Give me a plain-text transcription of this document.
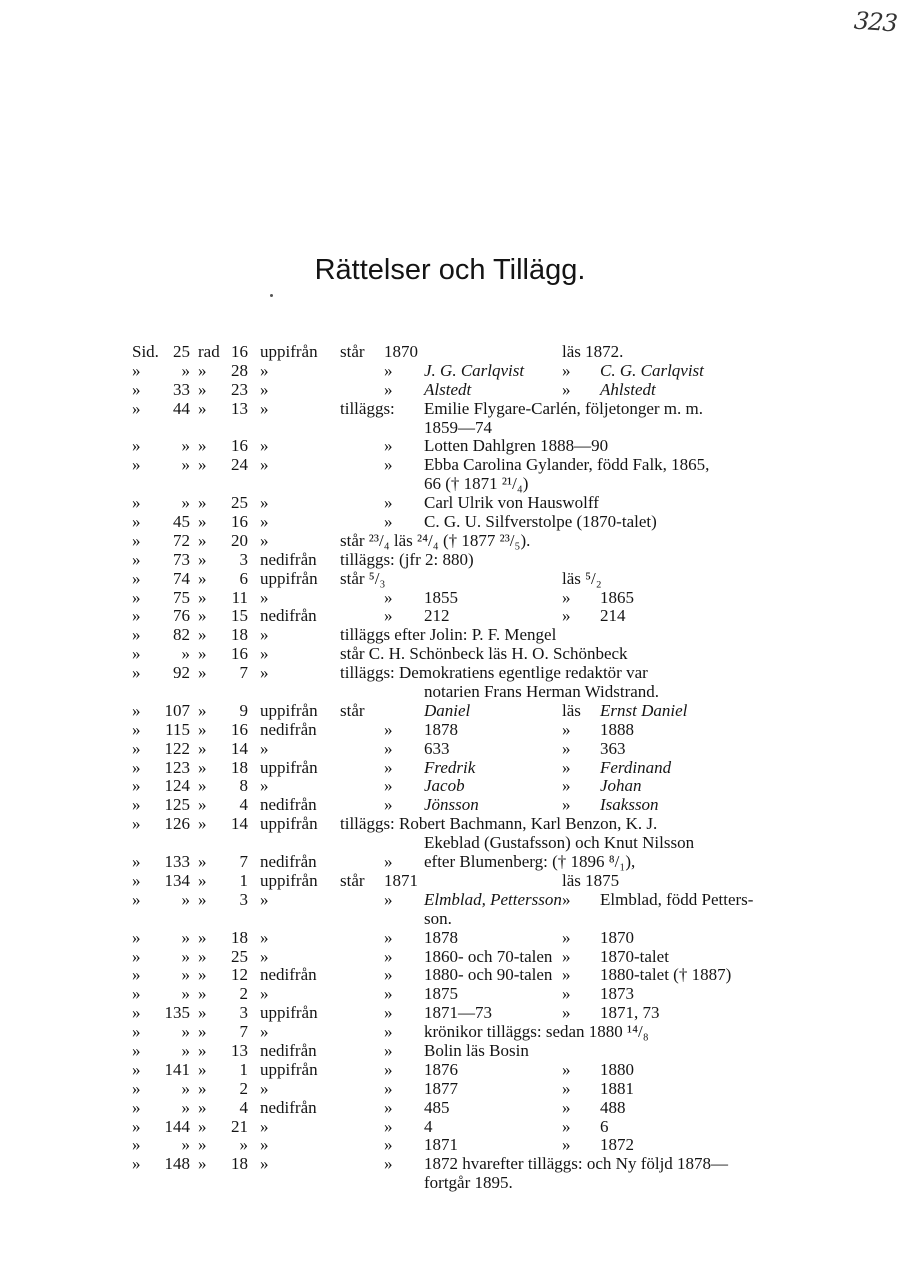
323
Rättelser och Tillägg.
Sid. 25 rad 16 uppifrån står 1870	läs 1872.
»	» » 28 »	» J. G. Carlqvist » C. G. Carlqvist
»	33 » 23 »	» Alstedt	» Ahlstedt
»	44 » 13 »	tilläggs: Emilie Flygare-Carlén, följetonger m. m.
1859—74
»	» » 16 »	» Lotten Dahlgren 1888—90
»	» » 24 »	» Ebba Carolina Gylander, född Falk, 1865,
66 († 1871 ²¹/₄)
»	» » 25 »	» Carl Ulrik von Hauswolff
»	45 » 16 »	» C. G. U. Silfverstolpe (1870-talet)
»	72 » 20 »	står ²³/₄ läs ²⁴/₄ († 1877 ²³/₅).
»	73 »	3 nedifrån tilläggs: (jfr 2: 880)
»	74 »	6 uppifrån står ⁵/₃	läs ⁵/₂
»	75 »	11 »	» 1855	» 1865
»	76 » 15 nedifrån	» 212	» 214
»	82 » 18 »	tilläggs efter Jolin: P. F. Mengel
»	» » 16 »	står C. H. Schönbeck läs H. O. Schönbeck
»	92 »	7 »	tilläggs: Demokratiens egentlige redaktör var
notarien Frans Herman Widstrand.
»	107 »	9 uppifrån står	Daniel	läs Ernst Daniel
»	115 » 16 nedifrån	» 1878	» 1888
»	122 » 14 »	» 633	» 363
»	123 » 18 uppifrån	» Fredrik	» Ferdinand
»	124 »	8 »	» Jacob	» Johan
»	125 »	4 nedifrån	» Jönsson	» Isaksson
»	126 » 14 uppifrån tilläggs: Robert Bachmann, Karl Benzon, K. J.
Ekeblad (Gustafsson) och Knut Nilsson
»	133 »	7 nedifrån	» efter Blumenberg: († 1896 ⁸/₁),
»	134 »	1 uppifrån står 1871	läs 1875
»	» »	3 »	» Elmblad, Pettersson » Elmblad, född Petters-
son.
»	» » 18 »	» 1878	» 1870
»	» » 25 »	» 1860- och 70-talen » 1870-talet
»	» » 12 nedifrån	» 1880- och 90-talen » 1880-talet († 1887)
»	» »	2 »	» 1875	» 1873
»	135 »	3 uppifrån	» 1871—73	» 1871, 73
»	» »	7 »	» krönikor tilläggs: sedan 1880 ¹⁴/₈
»	» » 13 nedifrån	» Bolin läs Bosin
»	141 »	1 uppifrån	» 1876	» 1880
»	» »	2 »	» 1877	» 1881
»	» »	4 nedifrån	» 485	» 488
»	144 » 21 »	» 4	» 6
»	» »	» »	» 1871	» 1872
»	148 » 18 »	» 1872 hvarefter tilläggs: och Ny följd 1878—
fortgår 1895.
